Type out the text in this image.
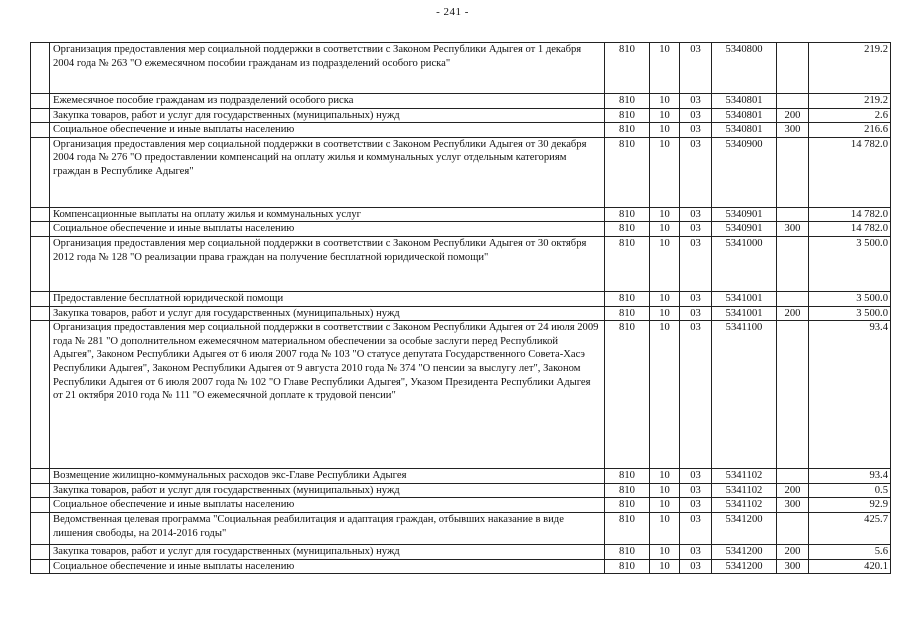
- 241 -
	Организация предоставления мер социальной поддержки в соответствии с Законом Республики Адыгея от 1 декабря 2004 года № 263 "О ежемесячном пособии гражданам из подразделений особого риска"	810	10	03	5340800		219.2
	Ежемесячное пособие гражданам из подразделений особого риска	810	10	03	5340801		219.2
	Закупка товаров, работ и услуг для государственных (муниципальных) нужд	810	10	03	5340801	200	2.6
	Социальное обеспечение и иные выплаты населению	810	10	03	5340801	300	216.6
	Организация предоставления мер социальной поддержки в соответствии с Законом Республики Адыгея от 30 декабря 2004 года № 276 "О предоставлении компенсаций на оплату жилья и коммунальных услуг отдельным категориям граждан в Республике Адыгея"	810	10	03	5340900		14 782.0
	Компенсационные выплаты на оплату жилья и коммунальных услуг	810	10	03	5340901		14 782.0
	Социальное обеспечение и иные выплаты населению	810	10	03	5340901	300	14 782.0
	Организация предоставления мер социальной поддержки в соответствии с Законом Республики Адыгея от 30 октября 2012 года № 128 "О реализации права граждан на получение бесплатной юридической помощи"	810	10	03	5341000		3 500.0
	Предоставление бесплатной юридической помощи	810	10	03	5341001		3 500.0
	Закупка товаров, работ и услуг для государственных (муниципальных) нужд	810	10	03	5341001	200	3 500.0
	Организация предоставления мер социальной поддержки в соответствии с Законом Республики Адыгея от 24 июля 2009 года № 281 "О дополнительном ежемесячном материальном обеспечении за особые заслуги перед Республикой Адыгея", Законом Республики Адыгея от 6 июля 2007 года № 103 "О статусе депутата Государственного Совета-Хасэ Республики Адыгея", Законом Республики Адыгея от 9 августа 2010 года № 374 "О пенсии за выслугу лет", Законом Республики Адыгея от 6 июля 2007 года № 102 "О Главе Республики Адыгея", Указом Президента Республики Адыгея от 21 октября 2010 года № 111 "О ежемесячной доплате к трудовой пенсии"	810	10	03	5341100		93.4
	Возмещение жилищно-коммунальных расходов экс-Главе Республики Адыгея	810	10	03	5341102		93.4
	Закупка товаров, работ и услуг для государственных (муниципальных) нужд	810	10	03	5341102	200	0.5
	Социальное обеспечение и иные выплаты населению	810	10	03	5341102	300	92.9
	Ведомственная целевая программа "Социальная реабилитация и адаптация граждан, отбывших наказание в виде лишения свободы, на 2014-2016 годы"	810	10	03	5341200		425.7
	Закупка товаров, работ и услуг для государственных (муниципальных) нужд	810	10	03	5341200	200	5.6
	Социальное обеспечение и иные выплаты населению	810	10	03	5341200	300	420.1
